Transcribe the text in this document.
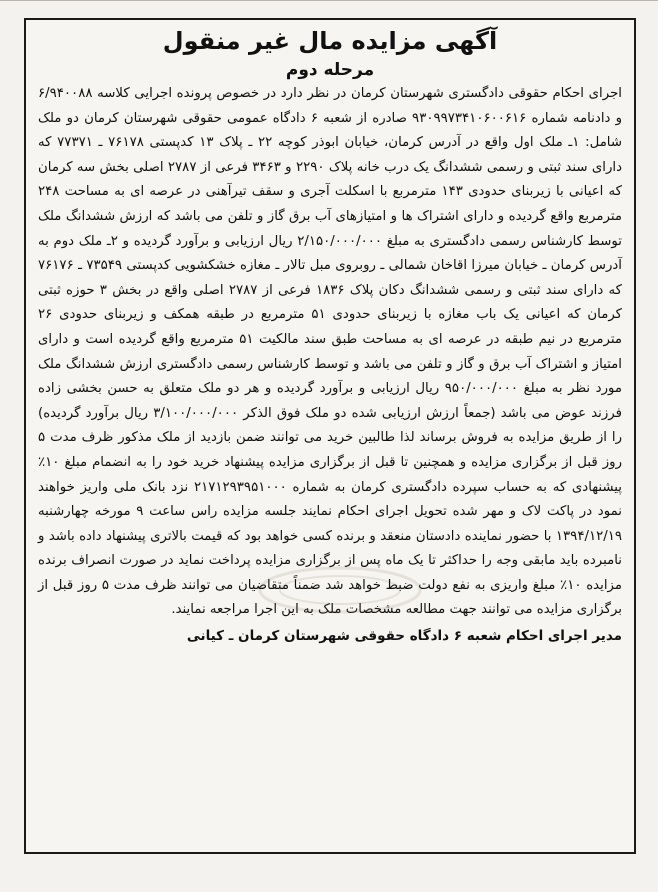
آگهی مزایده مال غیر منقول
مرحله دوم

اجرای احکام حقوقی دادگستری شهرستان کرمان در نظر دارد در خصوص پرونده اجرایی کلاسه ۶/۹۴۰۰۸۸ و دادنامه شماره ۹۳۰۹۹۷۳۴۱۰۶۰۰۶۱۶ صادره از شعبه ۶ دادگاه عمومی حقوقی شهرستان کرمان دو ملک شامل: ۱ـ ملک اول واقع در آدرس کرمان، خیابان ابوذر کوچه ۲۲ ـ پلاک ۱۳ کدپستی ۷۶۱۷۸ ـ ۷۷۳۷۱ که دارای سند ثبتی و رسمی ششدانگ یک درب خانه پلاک ۲۲۹۰ و ۳۴۶۳ فرعی از ۲۷۸۷ اصلی بخش سه کرمان که اعیانی با زیربنای حدودی ۱۴۳ مترمربع با اسکلت آجری و سقف تیرآهنی در عرصه ای به مساحت ۲۴۸ مترمربع واقع گردیده و دارای اشتراک ها و امتیازهای آب برق گاز و تلفن می باشد که ارزش ششدانگ ملک توسط کارشناس رسمی دادگستری به مبلغ ۲/۱۵۰/۰۰۰/۰۰۰ ریال ارزیابی و برآورد گردیده و ۲ـ ملک دوم به آدرس کرمان ـ خیابان میرزا اقاخان شمالی ـ روبروی مبل تالار ـ مغازه خشکشویی کدپستی ۷۳۵۴۹ ـ ۷۶۱۷۶ که دارای سند ثبتی و رسمی ششدانگ دکان پلاک ۱۸۳۶ فرعی از ۲۷۸۷ اصلی واقع در بخش ۳ حوزه ثبتی کرمان که اعیانی یک باب مغازه با زیربنای حدودی ۵۱ مترمربع در طبقه همکف و زیربنای حدودی ۲۶ مترمربع در نیم طبقه در عرصه ای به مساحت طبق سند مالکیت ۵۱ مترمربع واقع گردیده است و دارای امتیاز و اشتراک آب برق و گاز و تلفن می باشد و توسط کارشناس رسمی دادگستری ارزش ششدانگ ملک مورد نظر به مبلغ ۹۵۰/۰۰۰/۰۰۰ ریال ارزیابی و برآورد گردیده و هر دو ملک متعلق به حسن بخشی زاده فرزند عوض می باشد (جمعاً ارزش ارزیابی شده دو ملک فوق الذکر ۳/۱۰۰/۰۰۰/۰۰۰ ریال برآورد گردیده) را از طریق مزایده به فروش برساند لذا طالبین خرید می توانند ضمن بازدید از ملک مذکور ظرف مدت ۵ روز قبل از برگزاری مزایده و همچنین تا قبل از برگزاری مزایده پیشنهاد خرید خود را به انضمام مبلغ ۱۰٪ پیشنهادی که به حساب سپرده دادگستری کرمان به شماره ۲۱۷۱۲۹۳۹۵۱۰۰۰ نزد بانک ملی واریز خواهند نمود در پاکت لاک و مهر شده تحویل اجرای احکام نمایند جلسه مزایده راس ساعت ۹ مورخه چهارشنبه ۱۳۹۴/۱۲/۱۹ با حضور نماینده دادستان منعقد و برنده کسی خواهد بود که قیمت بالاتری پیشنهاد داده باشد و نامبرده باید مابقی وجه را حداکثر تا یک ماه پس از برگزاری مزایده پرداخت نماید در صورت انصراف برنده مزایده ۱۰٪ مبلغ واریزی به نفع دولت ضبط خواهد شد ضمناً متقاضیان می توانند ظرف مدت ۵ روز قبل از برگزاری مزایده می توانند جهت مطالعه مشخصات ملک به این اجرا مراجعه نمایند.

مدیر اجرای احکام شعبه ۶ دادگاه حقوقی شهرستان کرمان ـ کیانی
